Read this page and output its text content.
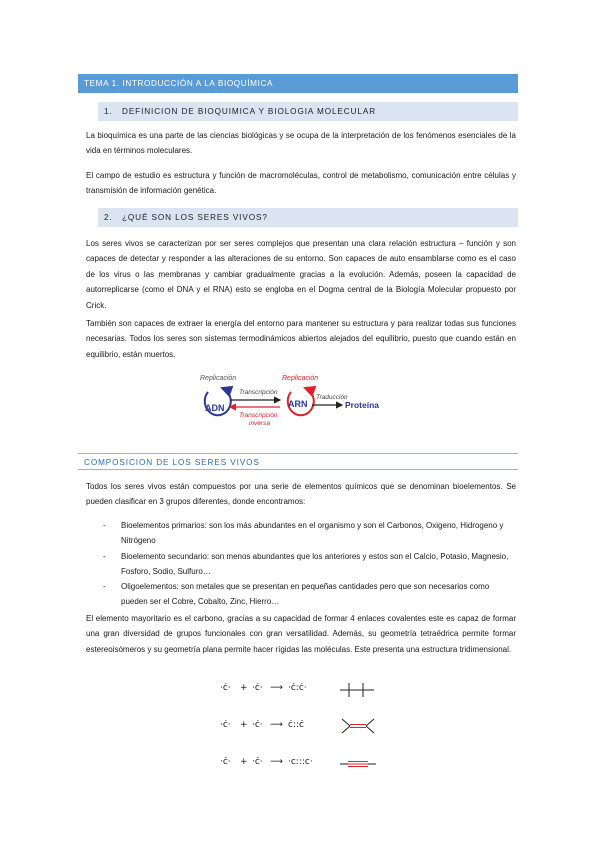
TEMA 1. INTRODUCCIÓN A LA BIOQUÍMICA
1. DEFINICION DE BIOQUIMICA Y BIOLOGIA MOLECULAR

La bioquímica es una parte de las ciencias biológicas y se ocupa de la interpretación de los fenómenos esenciales de la vida en términos moleculares.

El campo de estudio es estructura y función de macromoléculas, control de metabolismo, comunicación entre células y transmisión de información genética.

2. ¿QUÉ SON LOS SERES VIVOS?

Los seres vivos se caracterizan por ser seres complejos que presentan una clara relación estructura – función y son capaces de detectar y responder a las alteraciones de su entorno. Son capaces de auto ensamblarse como es el caso de los virus o las membranas y cambiar gradualmente gracias a la evolución. Además, poseen la capacidad de autorreplicarse (como el DNA y el RNA) esto se engloba en el Dogma central de la Biología Molecular propuesto por Crick.

También son capaces de extraer la energía del entorno para mantener su estructura y para realizar todas sus funciones necesarias. Todos los seres son sistemas termodinámicos abiertos alejados del equilibrio, puesto que cuando están en equilibrio, están muertos.

Replicación
ADN
Transcripción
Transcripción
inversa
Replicación
ARN
Traducción
Proteína
COMPOSICION DE LOS SERES VIVOS

Todos los seres vivos están compuestos por una serie de elementos químicos que se denominan bioelementos. Se pueden clasificar en 3 grupos diferentes, donde encontramos:

- Bioelementos primarios: son los más abundantes en el organismo y son el Carbonos, Oxigeno, Hidrogeno y Nitrógeno
- Bioelemento secundario: son menos abundantes que los anteriores y estos son el Calcio, Potasio, Magnesio, Fosforo, Sodio, Sulfuro…
- Oligoelementos: son metales que se presentan en pequeñas cantidades pero que son necesarios como pueden ser el Cobre, Cobalto, Zinc, Hierro…

El elemento mayoritario es el carbono, gracias a su capacidad de formar 4 enlaces covalentes este es capaz de formar una gran diversidad de grupos funcionales con gran versatilidad. Además, su geometría tetraédrica permite formar estereoisómeros y su geometría plana permite hacer rígidas las moléculas. Este presenta una estructura tridimensional.

·ċ· + ·ċ· ⟶ ·ċ:ċ·
·ċ· + ·ċ· ⟶ ċ::ċ
·ċ· + ·ċ· ⟶ ·c:::c·
